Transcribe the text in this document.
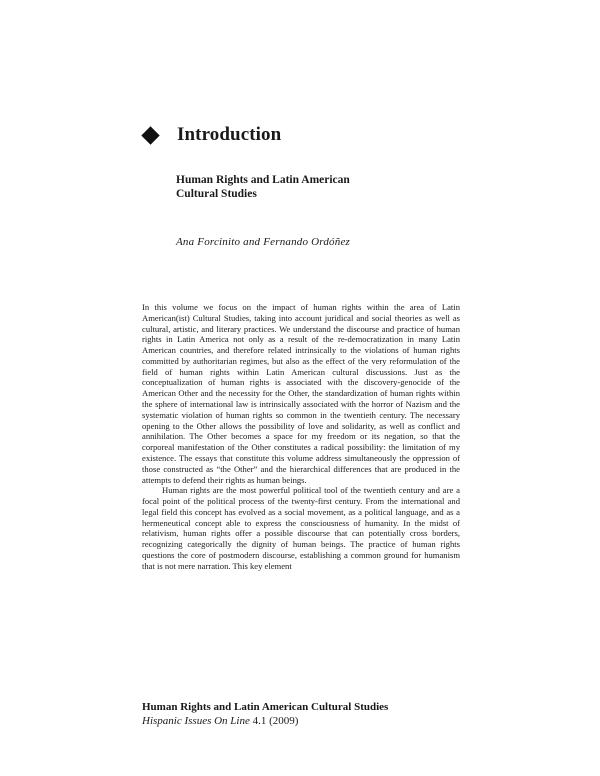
Introduction
Human Rights and Latin American
Cultural Studies
Ana Forcinito and Fernando Ordóñez

In this volume we focus on the impact of human rights within the area of Latin American(ist) Cultural Studies, taking into account juridical and social theories as well as cultural, artistic, and literary practices. We understand the discourse and practice of human rights in Latin America not only as a result of the re-democratization in many Latin American countries, and therefore related intrinsically to the violations of human rights committed by authoritarian regimes, but also as the effect of the very reformulation of the field of human rights within Latin American cultural discussions. Just as the conceptualization of human rights is associated with the discovery-genocide of the American Other and the necessity for the Other, the standardization of human rights within the sphere of international law is intrinsically associated with the horror of Nazism and the systematic violation of human rights so common in the twentieth century. The necessary opening to the Other allows the possibility of love and solidarity, as well as conflict and annihilation. The Other becomes a space for my freedom or its negation, so that the corporeal manifestation of the Other constitutes a radical possibility: the limitation of my existence. The essays that constitute this volume address simultaneously the oppression of those constructed as “the Other” and the hierarchical differences that are produced in the attempts to defend their rights as human beings.

Human rights are the most powerful political tool of the twentieth century and are a focal point of the political process of the twenty-first century. From the international and legal field this concept has evolved as a social movement, as a political language, and as a hermeneutical concept able to express the consciousness of humanity. In the midst of relativism, human rights offer a possible discourse that can potentially cross borders, recognizing categorically the dignity of human beings. The practice of human rights questions the core of postmodern discourse, establishing a common ground for humanism that is not mere narration. This key element

Human Rights and Latin American Cultural Studies
Hispanic Issues On Line 4.1 (2009)
